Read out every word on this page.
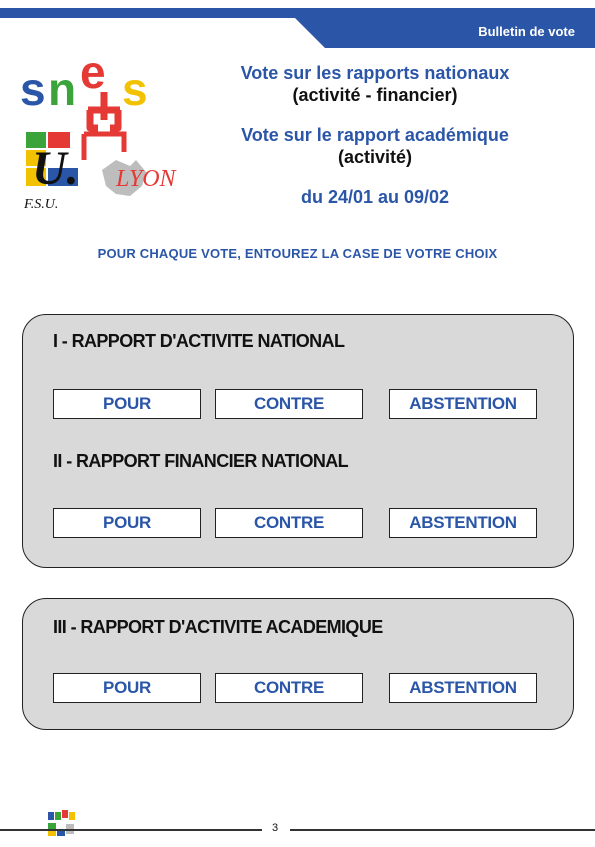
Bulletin de vote
s n e s
U. LYON
F.S.U.
Vote sur les rapports nationaux
(activité - financier)
Vote sur le rapport académique
(activité)
du 24/01 au 09/02
POUR CHAQUE VOTE, ENTOUREZ LA CASE DE VOTRE CHOIX
I - RAPPORT D'ACTIVITE NATIONAL
POUR	CONTRE	ABSTENTION
II - RAPPORT FINANCIER NATIONAL
POUR	CONTRE	ABSTENTION
III - RAPPORT D'ACTIVITE ACADEMIQUE
POUR	CONTRE	ABSTENTION
3
